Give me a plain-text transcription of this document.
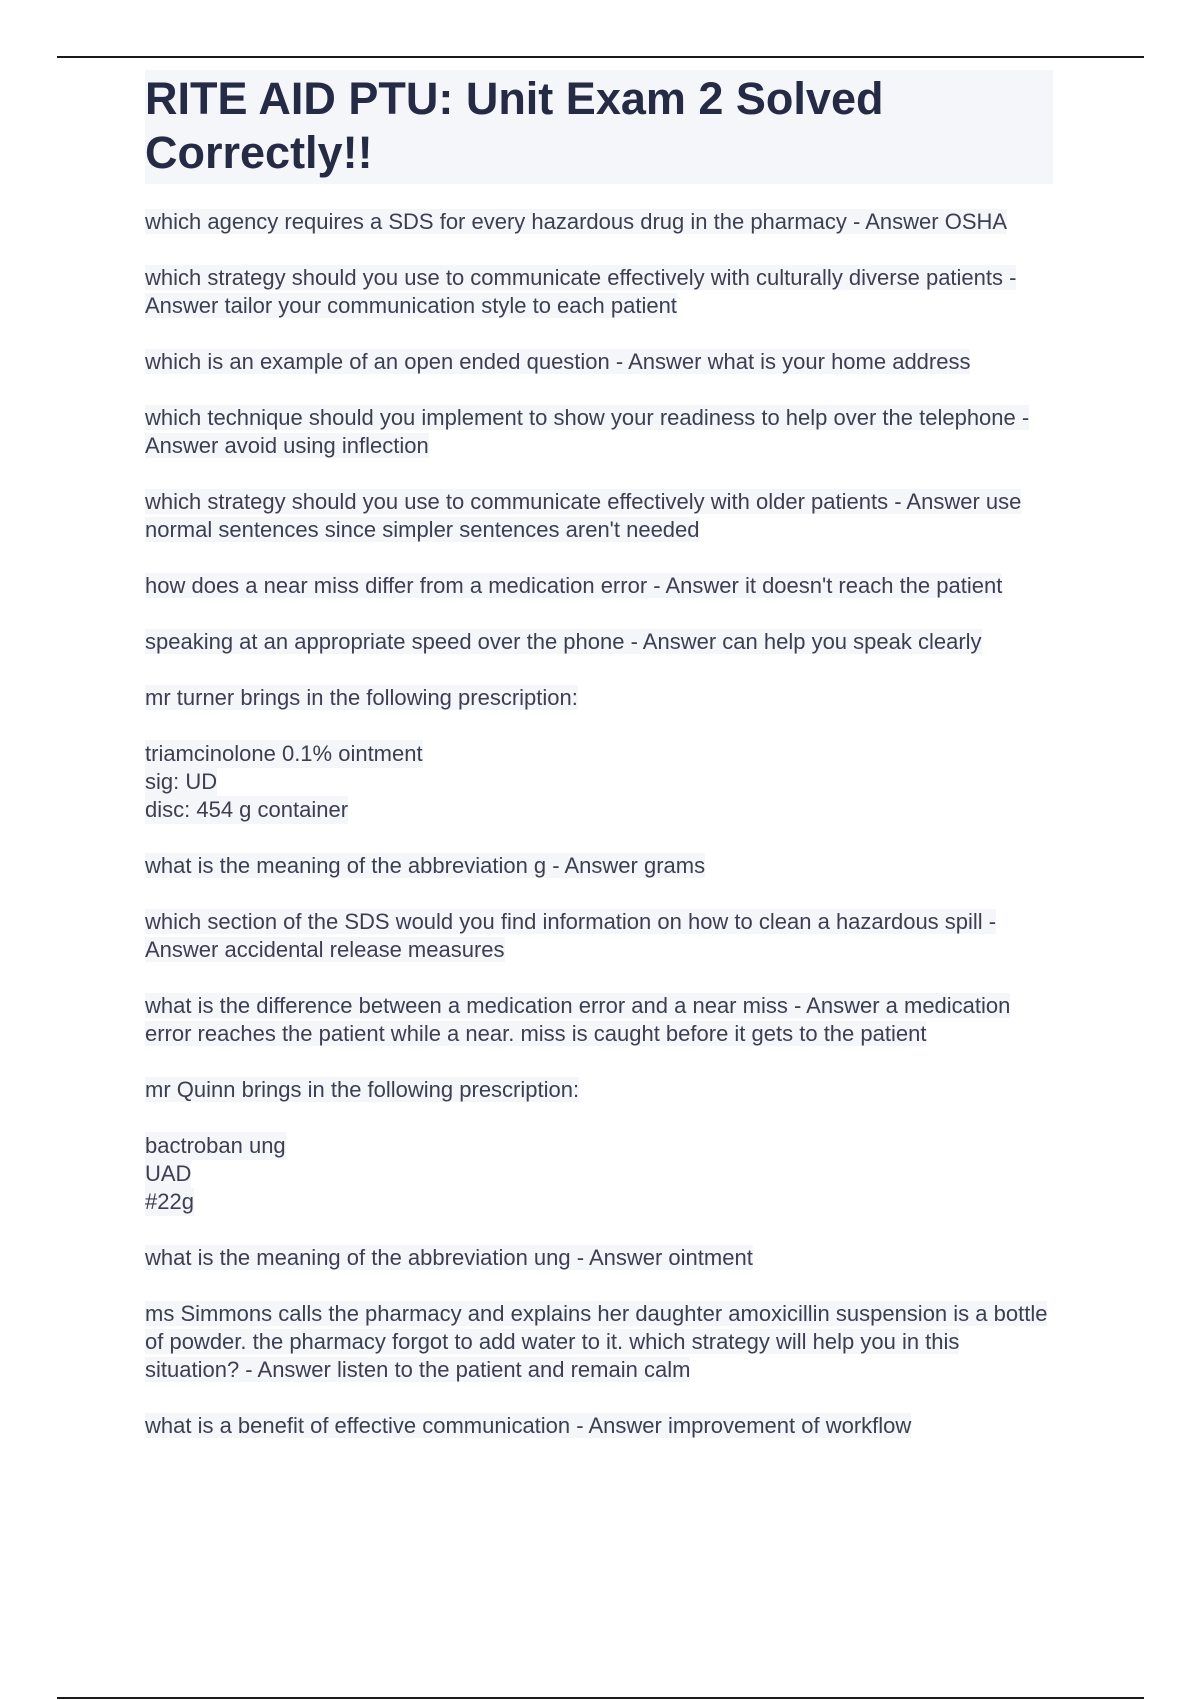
RITE AID PTU: Unit Exam 2 Solved Correctly!!

which agency requires a SDS for every hazardous drug in the pharmacy - Answer OSHA

which strategy should you use to communicate effectively with culturally diverse patients - Answer tailor your communication style to each patient

which is an example of an open ended question - Answer what is your home address

which technique should you implement to show your readiness to help over the telephone - Answer avoid using inflection

which strategy should you use to communicate effectively with older patients - Answer use normal sentences since simpler sentences aren't needed

how does a near miss differ from a medication error - Answer it doesn't reach the patient

speaking at an appropriate speed over the phone - Answer can help you speak clearly

mr turner brings in the following prescription:

triamcinolone 0.1% ointment
sig: UD
disc: 454 g container

what is the meaning of the abbreviation g - Answer grams

which section of the SDS would you find information on how to clean a hazardous spill - Answer accidental release measures

what is the difference between a medication error and a near miss - Answer a medication error reaches the patient while a near. miss is caught before it gets to the patient

mr Quinn brings in the following prescription:

bactroban ung
UAD
#22g

what is the meaning of the abbreviation ung - Answer ointment

ms Simmons calls the pharmacy and explains her daughter amoxicillin suspension is a bottle of powder. the pharmacy forgot to add water to it. which strategy will help you in this situation? - Answer listen to the patient and remain calm

what is a benefit of effective communication - Answer improvement of workflow
